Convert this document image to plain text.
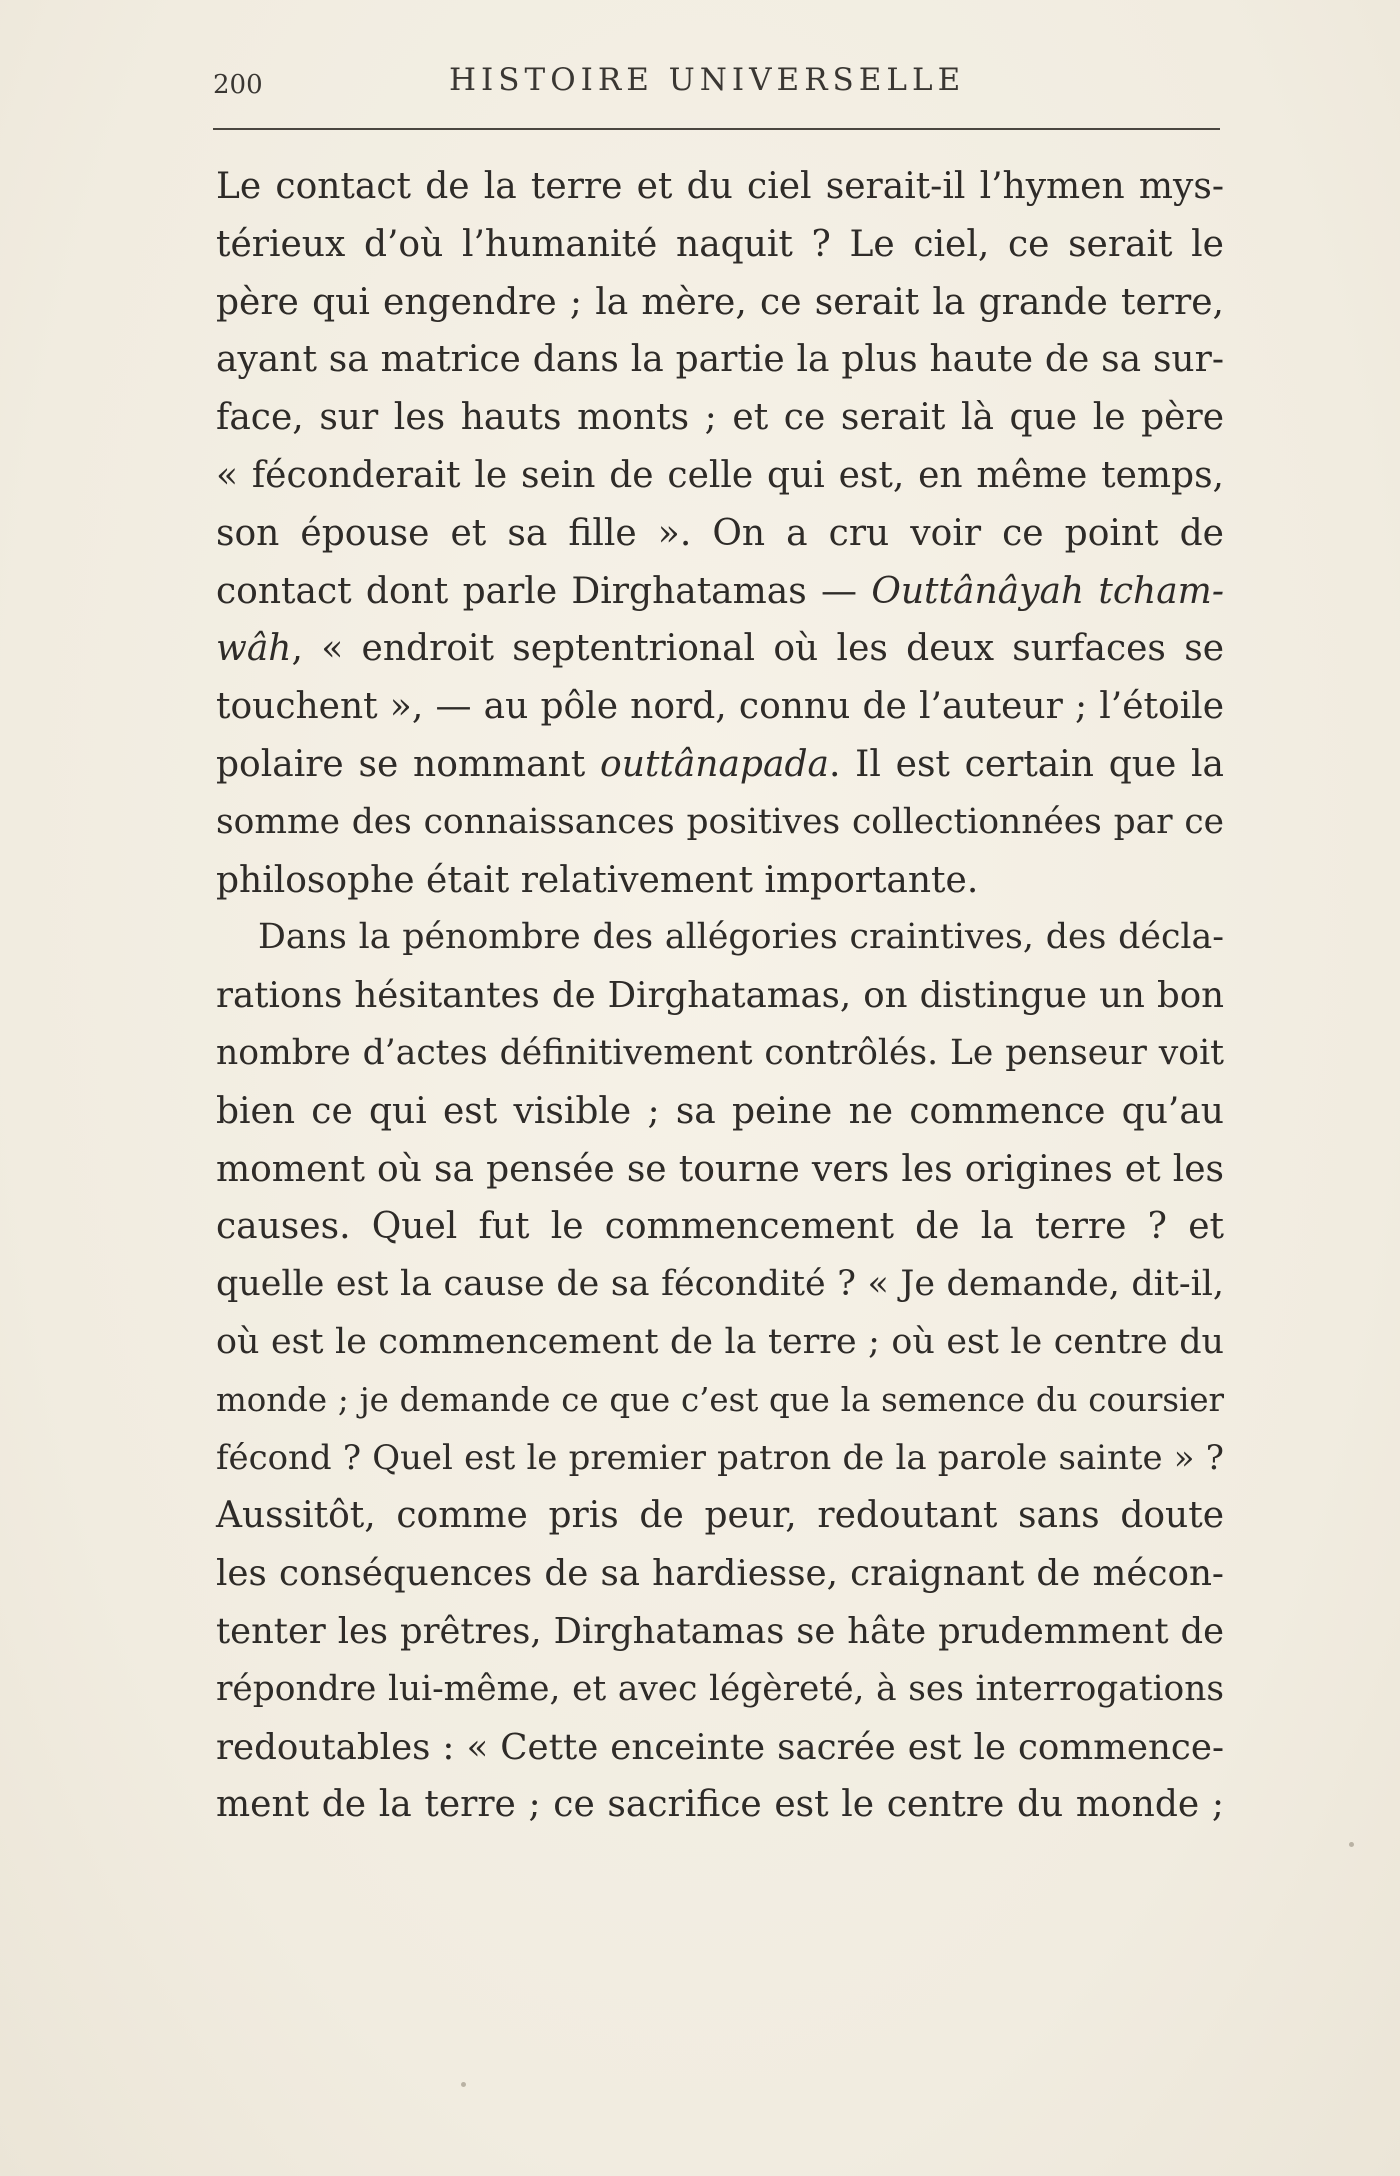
200	HISTOIRE UNIVERSELLE
Le contact de la terre et du ciel serait-il l’hymen mys-
térieux d’où l’humanité naquit ? Le ciel, ce serait le
père qui engendre ; la mère, ce serait la grande terre,
ayant sa matrice dans la partie la plus haute de sa sur-
face, sur les hauts monts ; et ce serait là que le père
« féconderait le sein de celle qui est, en même temps,
son épouse et sa fille ». On a cru voir ce point de
contact dont parle Dirghatamas — Outtânâyah tcham-
wâh, « endroit septentrional où les deux surfaces se
touchent », — au pôle nord, connu de l’auteur ; l’étoile
polaire se nommant outtânapada. Il est certain que la
somme des connaissances positives collectionnées par ce
philosophe était relativement importante.
Dans la pénombre des allégories craintives, des décla-
rations hésitantes de Dirghatamas, on distingue un bon
nombre d’actes définitivement contrôlés. Le penseur voit
bien ce qui est visible ; sa peine ne commence qu’au
moment où sa pensée se tourne vers les origines et les
causes. Quel fut le commencement de la terre ? et
quelle est la cause de sa fécondité ? « Je demande, dit-il,
où est le commencement de la terre ; où est le centre du
monde ; je demande ce que c’est que la semence du coursier
fécond ? Quel est le premier patron de la parole sainte » ?
Aussitôt, comme pris de peur, redoutant sans doute
les conséquences de sa hardiesse, craignant de mécon-
tenter les prêtres, Dirghatamas se hâte prudemment de
répondre lui-même, et avec légèreté, à ses interrogations
redoutables : « Cette enceinte sacrée est le commence-
ment de la terre ; ce sacrifice est le centre du monde ;
